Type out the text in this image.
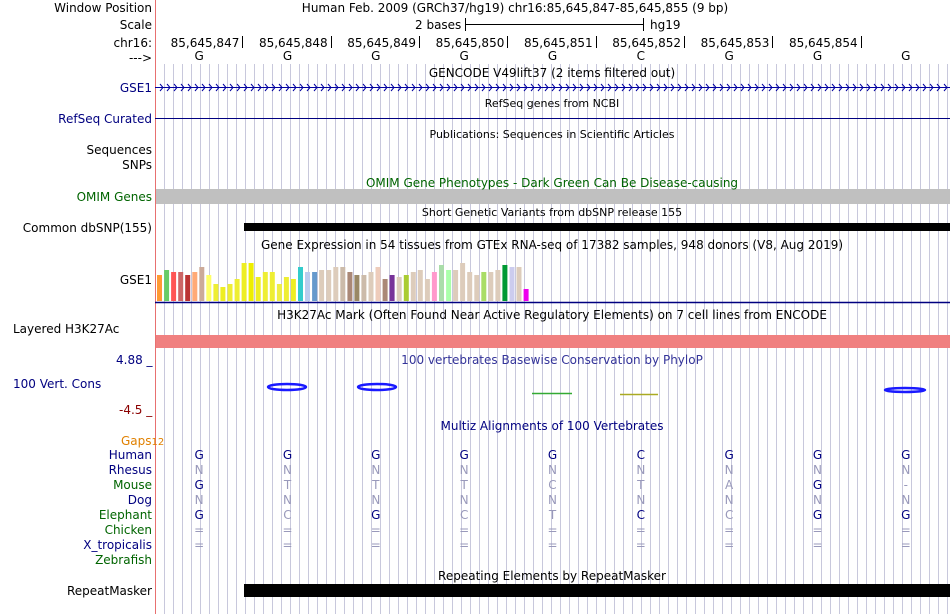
Window Position	Human Feb. 2009 (GRCh37/hg19) chr16:85,645,847-85,645,855 (9 bp)
Scale	2 bases	hg19
chr16: 85,645,847 85,645,848 85,645,849 85,645,850 85,645,851 85,645,852 85,645,853 85,645,854
--->	G	G	G	G	G	C	G	G	G
GENCODE V49lift37 (2 items filtered out)
GSE1
RefSeq genes from NCBI
RefSeq Curated
Publications: Sequences in Scientific Articles
Sequences
SNPs
OMIM Gene Phenotypes - Dark Green Can Be Disease-causing
OMIM Genes
Short Genetic Variants from dbSNP release 155
Common dbSNP(155)
Gene Expression in 54 tissues from GTEx RNA-seq of 17382 samples, 948 donors (V8, Aug 2019)
GSE1
H3K27Ac Mark (Often Found Near Active Regulatory Elements) on 7 cell lines from ENCODE
Layered H3K27Ac
4.88 _	100 vertebrates Basewise Conservation by PhyloP
100 Vert. Cons
-4.5 _
Multiz Alignments of 100 Vertebrates
Gaps12
Human	G	G	G	G	G	C	G	G	G
Rhesus	N	N	N	N	N	N	N	N	N
Mouse	G	T	T	T	C	T	A	G	-
Dog	N	N	N	N	N	N	N	N	N
Elephant	G	C	G	C	T	C	C	G	G
Chicken	=	=	=	=	=	=	=	=	=
X_tropicalis	=	=	=	=	=	=	=	=	=
Zebrafish
Repeating Elements by RepeatMasker
RepeatMasker
